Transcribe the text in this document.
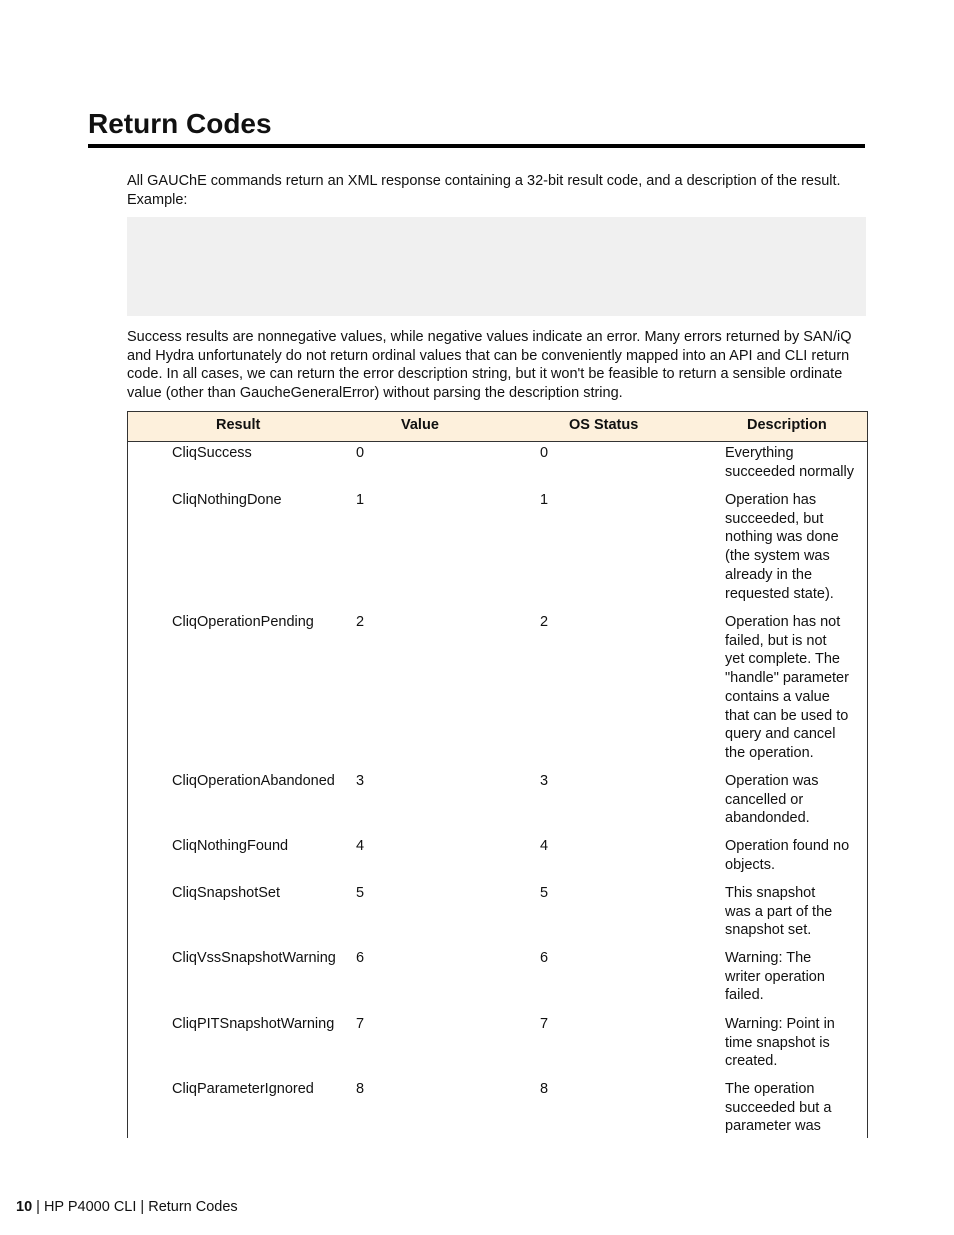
Return Codes

All GAUChE commands return an XML response containing a 32-bit result code, and a description of the result. Example:

Success results are nonnegative values, while negative values indicate an error. Many errors returned by SAN/iQ and Hydra unfortunately do not return ordinal values that can be conveniently mapped into an API and CLI return code. In all cases, we can return the error description string, but it won't be feasible to return a sensible ordinate value (other than GaucheGeneralError) without parsing the description string.

Result	Value	OS Status	Description
CliqSuccess	0	0	Everything
succeeded normally
CliqNothingDone	1	1	Operation has
succeeded, but
nothing was done
(the system was
already in the
requested state).
CliqOperationPending	2	2	Operation has not
failed, but is not
yet complete. The
"handle" parameter
contains a value
that can be used to
query and cancel
the operation.
CliqOperationAbandoned 3	3	Operation was
cancelled or
abandonded.
CliqNothingFound	4	4	Operation found no
objects.
CliqSnapshotSet	5	5	This snapshot
was a part of the
snapshot set.
CliqVssSnapshotWarning 6	6	Warning: The
writer operation
failed.
CliqPITSnapshotWarning 7	7	Warning: Point in
time snapshot is
created.
CliqParameterIgnored	8	8	The operation
succeeded but a
parameter was
10 | HP P4000 CLI | Return Codes
